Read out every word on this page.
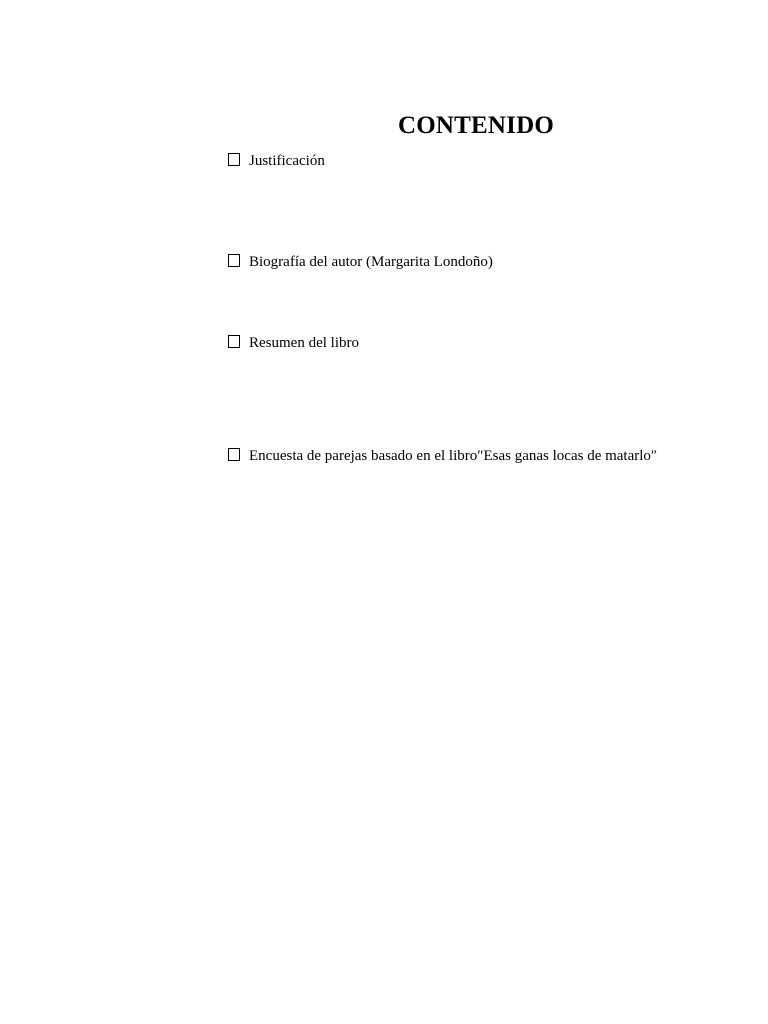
CONTENIDO
Justificación
Biografía del autor (Margarita Londoño)
Resumen del libro
Encuesta de parejas basado en el libro″Esas ganas locas de matarlo″
